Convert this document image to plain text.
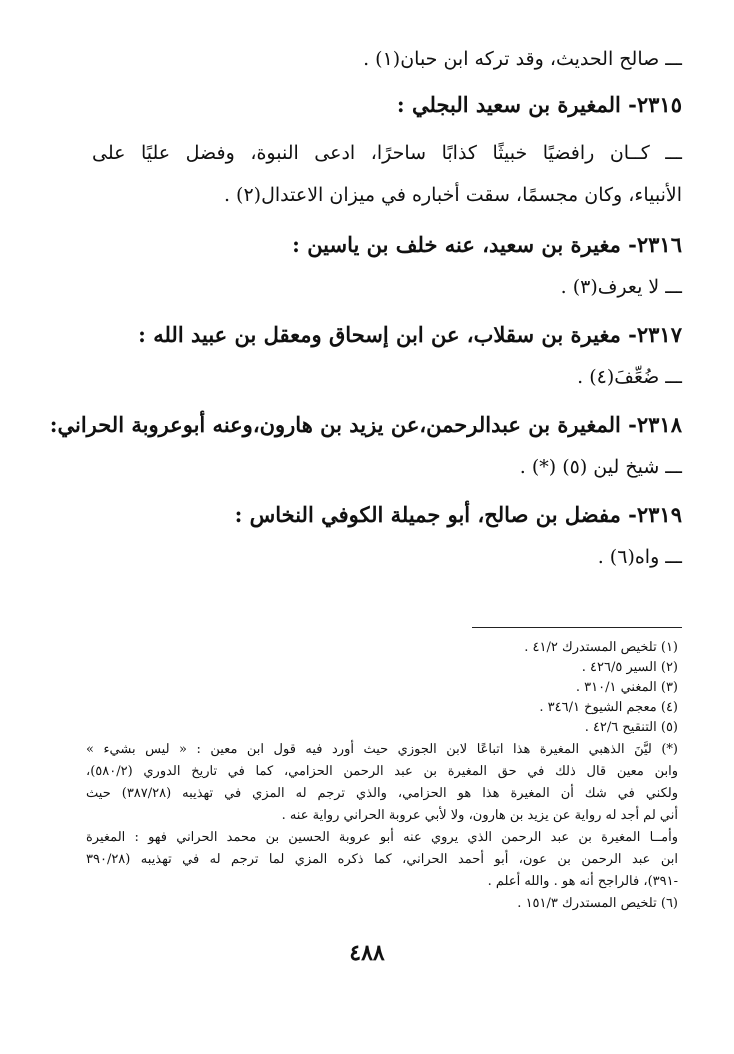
ـــ صالح الحديث، وقد تركه ابن حبان(١) .
٢٣١٥- المغيرة بن سعيد البجلي :
ـــ كــان رافضيًا خبيثًا كذابًا ساحرًا، ادعى النبوة، وفضل عليًا على
الأنبياء، وكان مجسمًا، سقت أخباره في ميزان الاعتدال(٢) .
٢٣١٦- مغيرة بن سعيد، عنه خلف بن ياسين :
ـــ لا يعرف(٣) .
٢٣١٧- مغيرة بن سقلاب، عن ابن إسحاق ومعقل بن عبيد الله :
ـــ ضُعِّفَ(٤) .
٢٣١٨- المغيرة بن عبدالرحمن،عن يزيد بن هارون،وعنه أبوعروبة الحراني:
ـــ شيخ لين (٥) (*) .
٢٣١٩- مفضل بن صالح، أبو جميلة الكوفي النخاس :
ـــ واه(٦) .
(١) تلخيص المستدرك ٤١/٢ .
(٢) السير ٤٢٦/٥ .
(٣) المغني ٣١٠/١ .
(٤) معجم الشيوخ ٣٤٦/١ .
(٥) التنقيح ٤٢/٦ .
(*) ليَّنَ الذهبي المغيرة هذا اتباعًا لابن الجوزي حيث أورد فيه قول ابن معين : « ليس بشيء »
وابن معين قال ذلك في حق المغيرة بن عبد الرحمن الحزامي، كما في تاريخ الدوري (٥٨٠/٢)،
ولكني في شك أن المغيرة هذا هو الحزامي، والذي ترجم له المزي في تهذيبه (٣٨٧/٢٨) حيث
أني لم أجد له رواية عن يزيد بن هارون، ولا لأبي عروبة الحراني رواية عنه .
وأمــا المغيرة بن عبد الرحمن الذي يروي عنه أبو عروبة الحسين بن محمد الحراني فهو : المغيرة
ابن عبد الرحمن بن عون، أبو أحمد الحراني، كما ذكره المزي لما ترجم له في تهذيبه (٣٩٠/٢٨
-٣٩١)، فالراجح أنه هو . والله أعلم .
(٦) تلخيص المستدرك ١٥١/٣ .
٤٨٨
